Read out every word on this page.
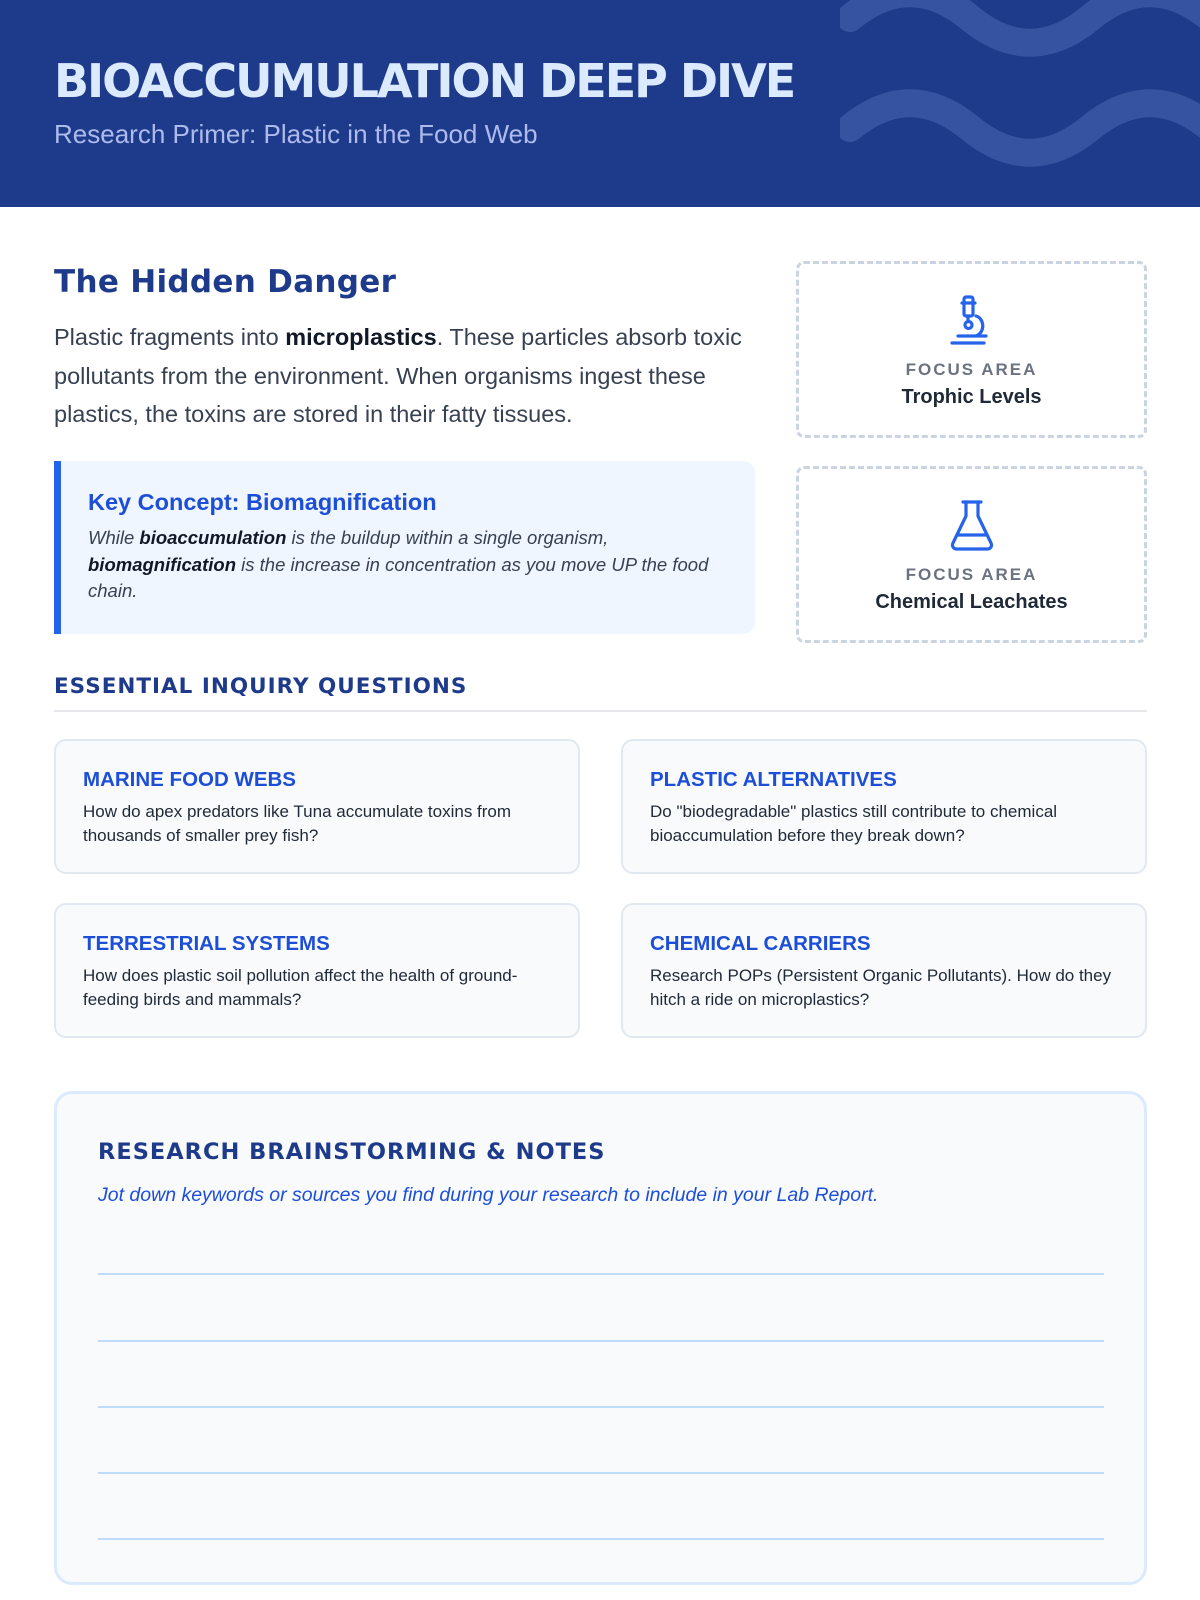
BIOACCUMULATION DEEP DIVE
Research Primer: Plastic in the Food Web
The Hidden Danger

Plastic fragments into microplastics. These particles absorb toxic pollutants from the environment. When organisms ingest these plastics, the toxins are stored in their fatty tissues.

Key Concept: Biomagnification
While bioaccumulation is the buildup within a single organism, biomagnification is the increase in concentration as you move UP the food chain.
FOCUS AREA
Trophic Levels
FOCUS AREA
Chemical Leachates
ESSENTIAL INQUIRY QUESTIONS
MARINE FOOD WEBS
How do apex predators like Tuna accumulate toxins from thousands of smaller prey fish?
PLASTIC ALTERNATIVES
Do "biodegradable" plastics still contribute to chemical bioaccumulation before they break down?
TERRESTRIAL SYSTEMS
How does plastic soil pollution affect the health of ground-feeding birds and mammals?
CHEMICAL CARRIERS
Research POPs (Persistent Organic Pollutants). How do they hitch a ride on microplastics?
RESEARCH BRAINSTORMING & NOTES
Jot down keywords or sources you find during your research to include in your Lab Report.
